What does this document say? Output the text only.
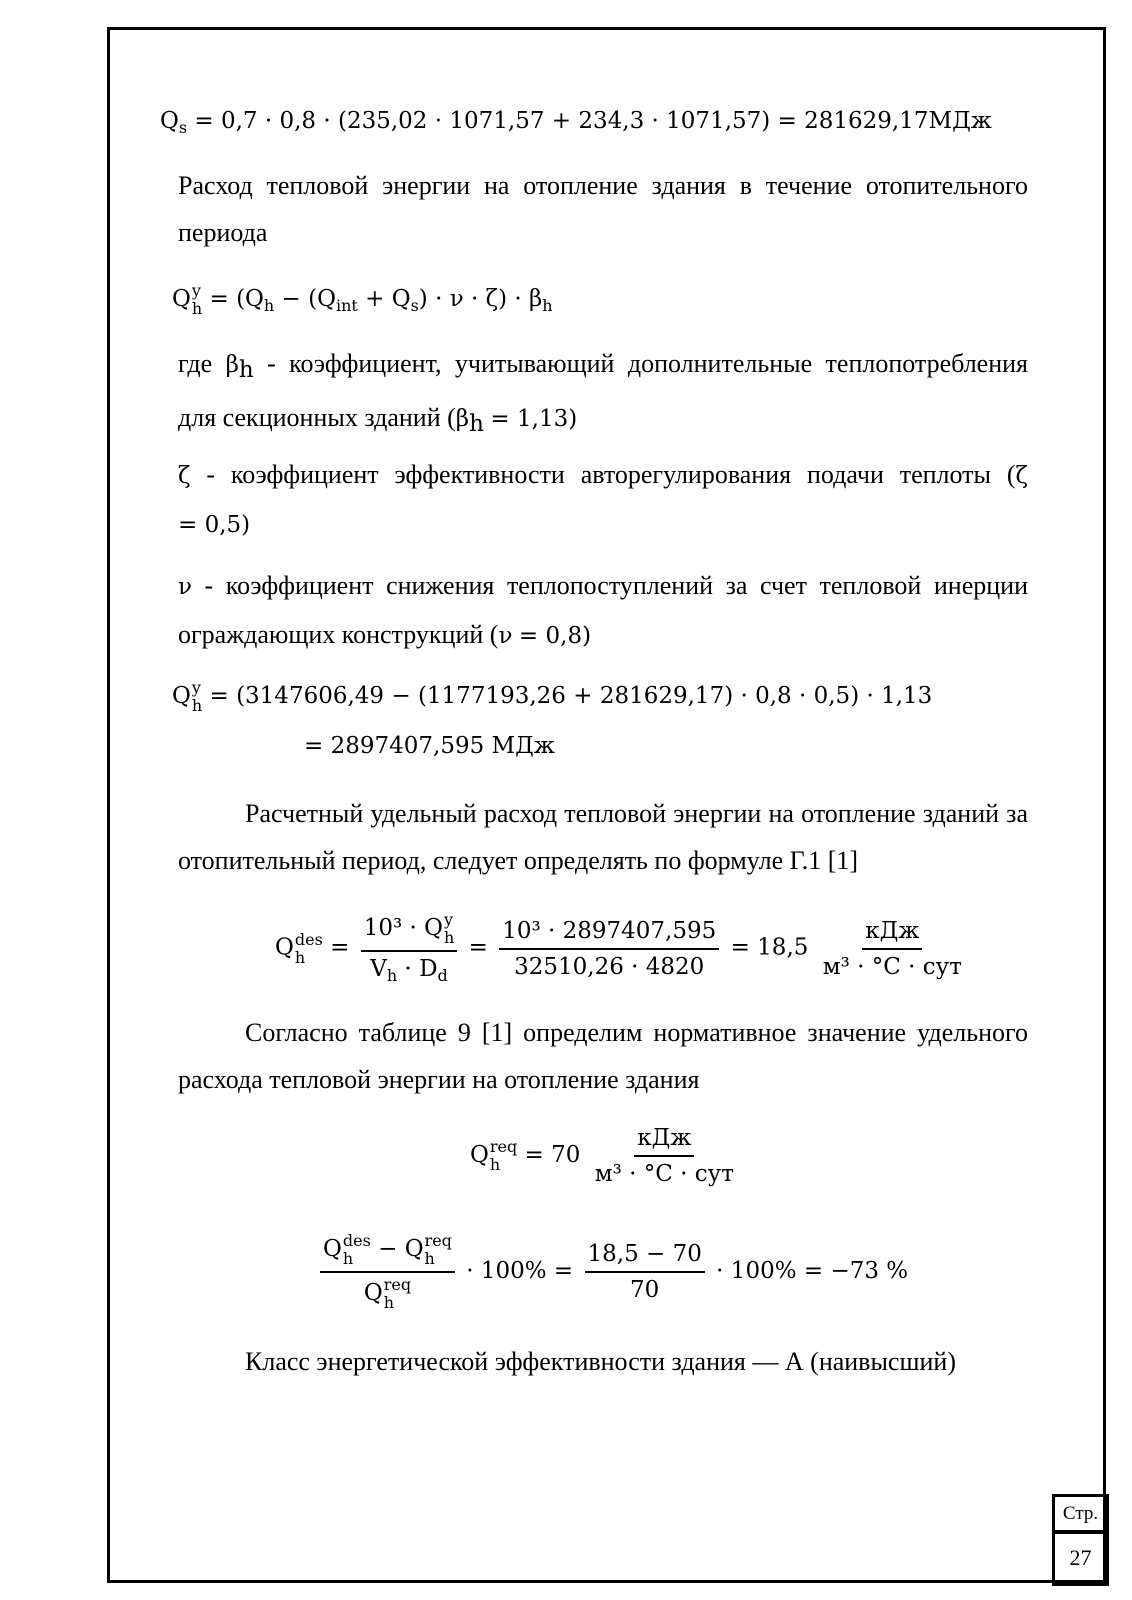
$Q_s = 0,7 \cdot 0,8 \cdot (235,02 \cdot 1071,57 + 234,3 \cdot 1071,57) = 281629,17МДж$
Расход тепловой энергии на отопление здания в течение отопительного периода
Q y
$h = (Q_h - (Q_{int} + Q_s) \cdot \nu \cdot \zeta) \cdot \beta_h$
где $\beta_h$ - коэффициент, учитывающий дополнительные теплопотребления для секционных зданий $(\beta_h = 1,13)$
ζ - коэффициент эффективности авторегулирования подачи теплоты (ζ = 0,5)
ν - коэффициент снижения теплопоступлений за счет тепловой инерции ограждающих конструкций (ν = 0,8)
Q y
h = (3147606,49 − (1177193,26 + 281629,17) · 0,8 · 0,5) · 1,13
= 2897407,595 МДж
Расчетный удельный расход тепловой энергии на отопление зданий за отопительный период, следует определять по формуле Г.1 [1]
Q des
h = 10³ · Q y
h
$V_h \cdot D_d = \frac{\text{10³ · 2897407,595}}{32510,26 \cdot 4820} = 18,5 \frac{\text{кДж}}{\text{м³ · °C · сут}}$
Согласно таблице 9 [1] определим нормативное значение удельного расхода тепловой энергии на отопление здания
Q req
$h = 70 \frac{\text{кДж}}{\text{м³ · °C · сут}}$
Q des
h − Q req
h
Q req
$h \cdot 100\% = \frac{18,5 - 70}{70} \cdot 100\% = -73$ %
Класс энергетической эффективности здания — А (наивысший)
Стр.
27
